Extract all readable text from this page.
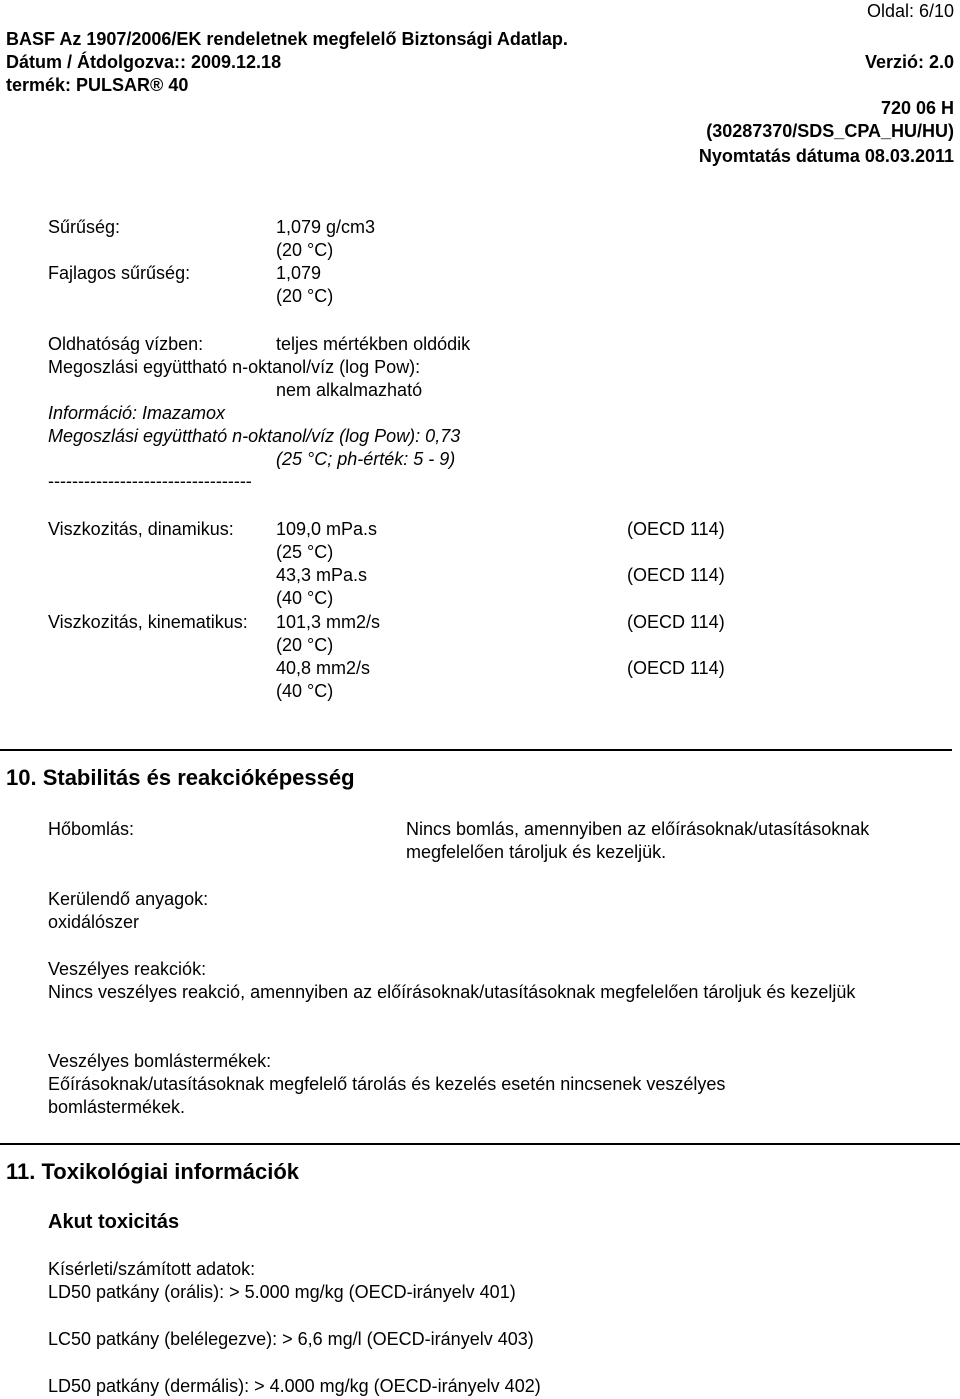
Oldal: 6/10
BASF Az 1907/2006/EK rendeletnek megfelelő Biztonsági Adatlap.
Dátum / Átdolgozva:: 2009.12.18	Verzió: 2.0
termék: PULSAR® 40
720 06 H
(30287370/SDS_CPA_HU/HU)
Nyomtatás dátuma 08.03.2011
Sűrűség:	1,079 g/cm3
(20 °C)
Fajlagos sűrűség:	1,079
(20 °C)
Oldhatóság vízben:	teljes mértékben oldódik
Megoszlási együttható n-oktanol/víz (log Pow):
nem alkalmazható
Információ: Imazamox
Megoszlási együttható n-oktanol/víz (log Pow): 0,73
(25 °C; ph-érték: 5 - 9)
----------------------------------
Viszkozitás, dinamikus: 109,0 mPa.s	(OECD 114)
(25 °C)
43,3 mPa.s	(OECD 114)
(40 °C)
Viszkozitás, kinematikus: 101,3 mm2/s	(OECD 114)
(20 °C)
40,8 mm2/s	(OECD 114)
(40 °C)
10. Stabilitás és reakcióképesség
Hőbomlás:	Nincs bomlás, amennyiben az előírásoknak/utasításoknak
megfelelően tároljuk és kezeljük.
Kerülendő anyagok:
oxidálószer
Veszélyes reakciók:
Nincs veszélyes reakció, amennyiben az előírásoknak/utasításoknak megfelelően tároljuk és kezeljük
Veszélyes bomlástermékek:
Eőírásoknak/utasításoknak megfelelő tárolás és kezelés esetén nincsenek veszélyes
bomlástermékek.
11. Toxikológiai információk
Akut toxicitás
Kísérleti/számított adatok:
LD50 patkány (orális): > 5.000 mg/kg (OECD-irányelv 401)
LC50 patkány (belélegezve): > 6,6 mg/l (OECD-irányelv 403)
LD50 patkány (dermális): > 4.000 mg/kg (OECD-irányelv 402)
